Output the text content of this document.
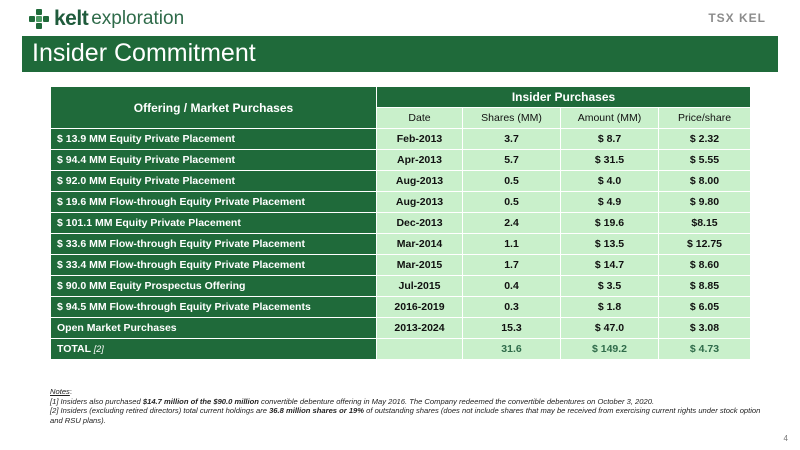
kelt exploration	TSX KEL
Insider Commitment
Offering / Market Purchases	Insider Purchases			
	Date	Shares (MM)	Amount (MM)	Price/share
$ 13.9 MM Equity Private Placement	Feb-2013	3.7	$ 8.7	$ 2.32
$ 94.4 MM Equity Private Placement	Apr-2013	5.7	$ 31.5	$ 5.55
$ 92.0 MM Equity Private Placement	Aug-2013	0.5	$ 4.0	$ 8.00
$ 19.6 MM Flow-through Equity Private Placement	Aug-2013	0.5	$ 4.9	$ 9.80
$ 101.1 MM Equity Private Placement	Dec-2013	2.4	$ 19.6	$8.15
$ 33.6 MM Flow-through Equity Private Placement	Mar-2014	1.1	$ 13.5	$ 12.75
$ 33.4 MM Flow-through Equity Private Placement	Mar-2015	1.7	$ 14.7	$ 8.60
$ 90.0 MM Equity Prospectus Offering	Jul-2015	0.4	$ 3.5	$ 8.85
$ 94.5 MM Flow-through Equity Private Placements	2016-2019	0.3	$ 1.8	$ 6.05
Open Market Purchases	2013-2024	15.3	$ 47.0	$ 3.08
TOTAL [2]		31.6	$ 149.2	$ 4.73
Notes:
[1] Insiders also purchased $14.7 million of the $90.0 million convertible debenture offering in May 2016. The Company redeemed the convertible debentures on October 3, 2020.
[2] Insiders (excluding retired directors) total current holdings are 36.8 million shares or 19% of outstanding shares (does not include shares that may be received from exercising current rights under stock option and RSU plans).
4
